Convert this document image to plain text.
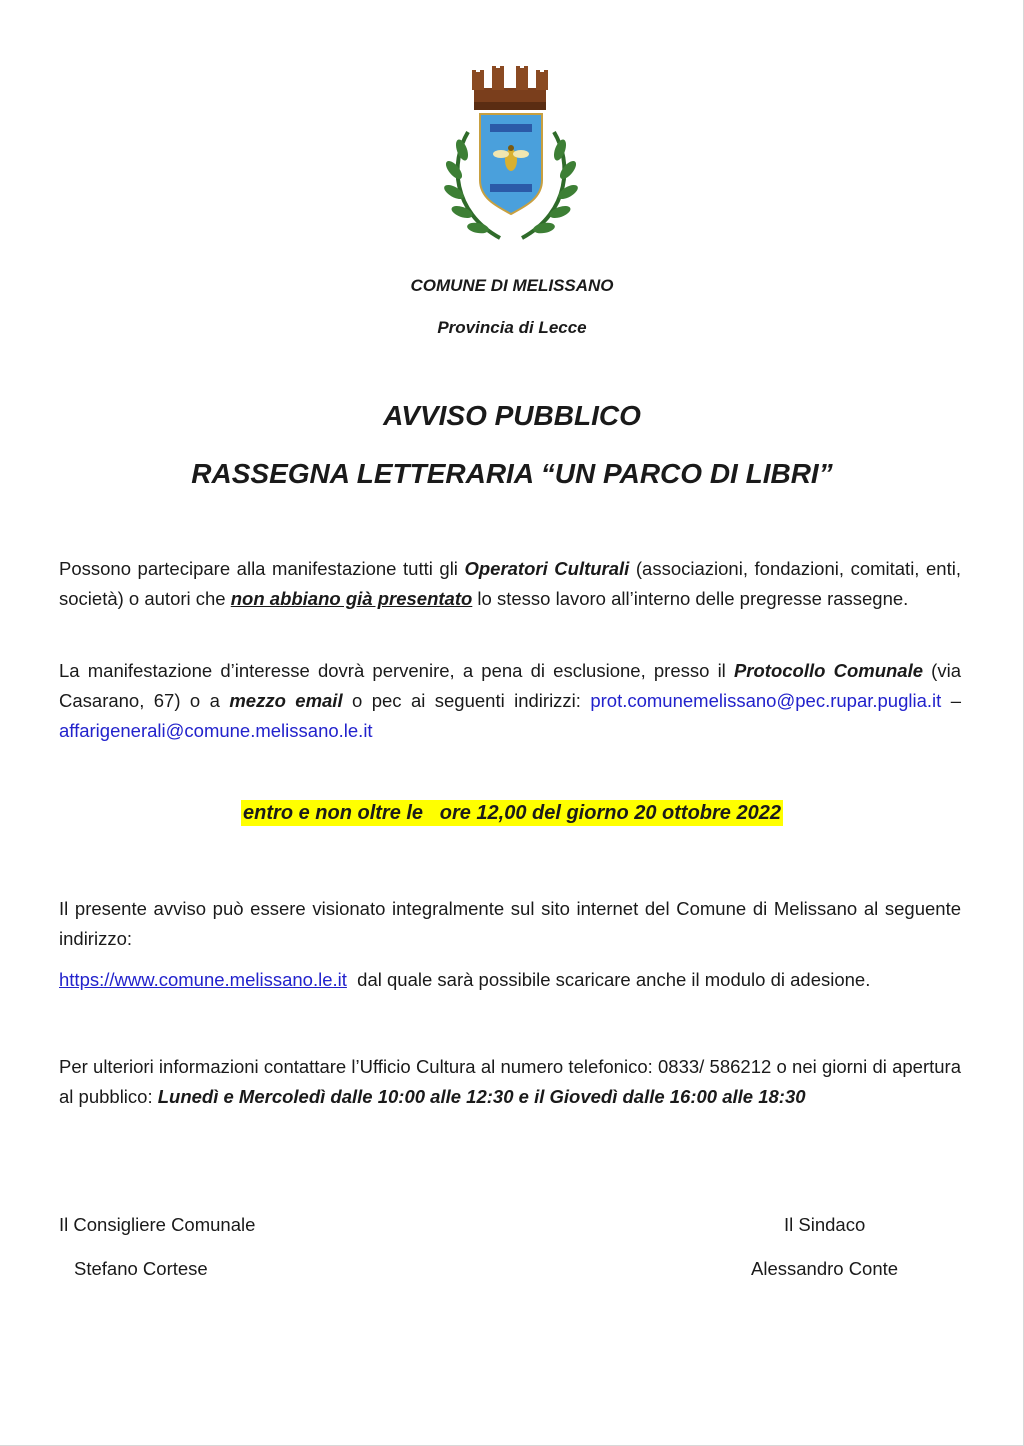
COMUNE DI MELISSANO
Provincia di Lecce
AVVISO PUBBLICO
RASSEGNA LETTERARIA “UN PARCO DI LIBRI”
Possono partecipare alla manifestazione tutti gli Operatori Culturali (associazioni, fondazioni, comitati, enti, società) o autori che non abbiano già presentato lo stesso lavoro all’interno delle pregresse rassegne.
La manifestazione d’interesse dovrà pervenire, a pena di esclusione, presso il Protocollo Comunale (via Casarano, 67) o a mezzo email o pec ai seguenti indirizzi: prot.comunemelissano@pec.rupar.puglia.it – affarigenerali@comune.melissano.le.it
entro e non oltre le   ore 12,00 del giorno 20 ottobre 2022
Il presente avviso può essere visionato integralmente sul sito internet del Comune di Melissano al seguente indirizzo:
https://www.comune.melissano.le.it  dal quale sarà possibile scaricare anche il modulo di adesione.
Per ulteriori informazioni contattare l’Ufficio Cultura al numero telefonico: 0833/ 586212 o nei giorni di apertura al pubblico: Lunedì e Mercoledì dalle 10:00 alle 12:30 e il Giovedì dalle 16:00 alle 18:30
Il Consigliere Comunale
Stefano Cortese
Il Sindaco
Alessandro Conte
